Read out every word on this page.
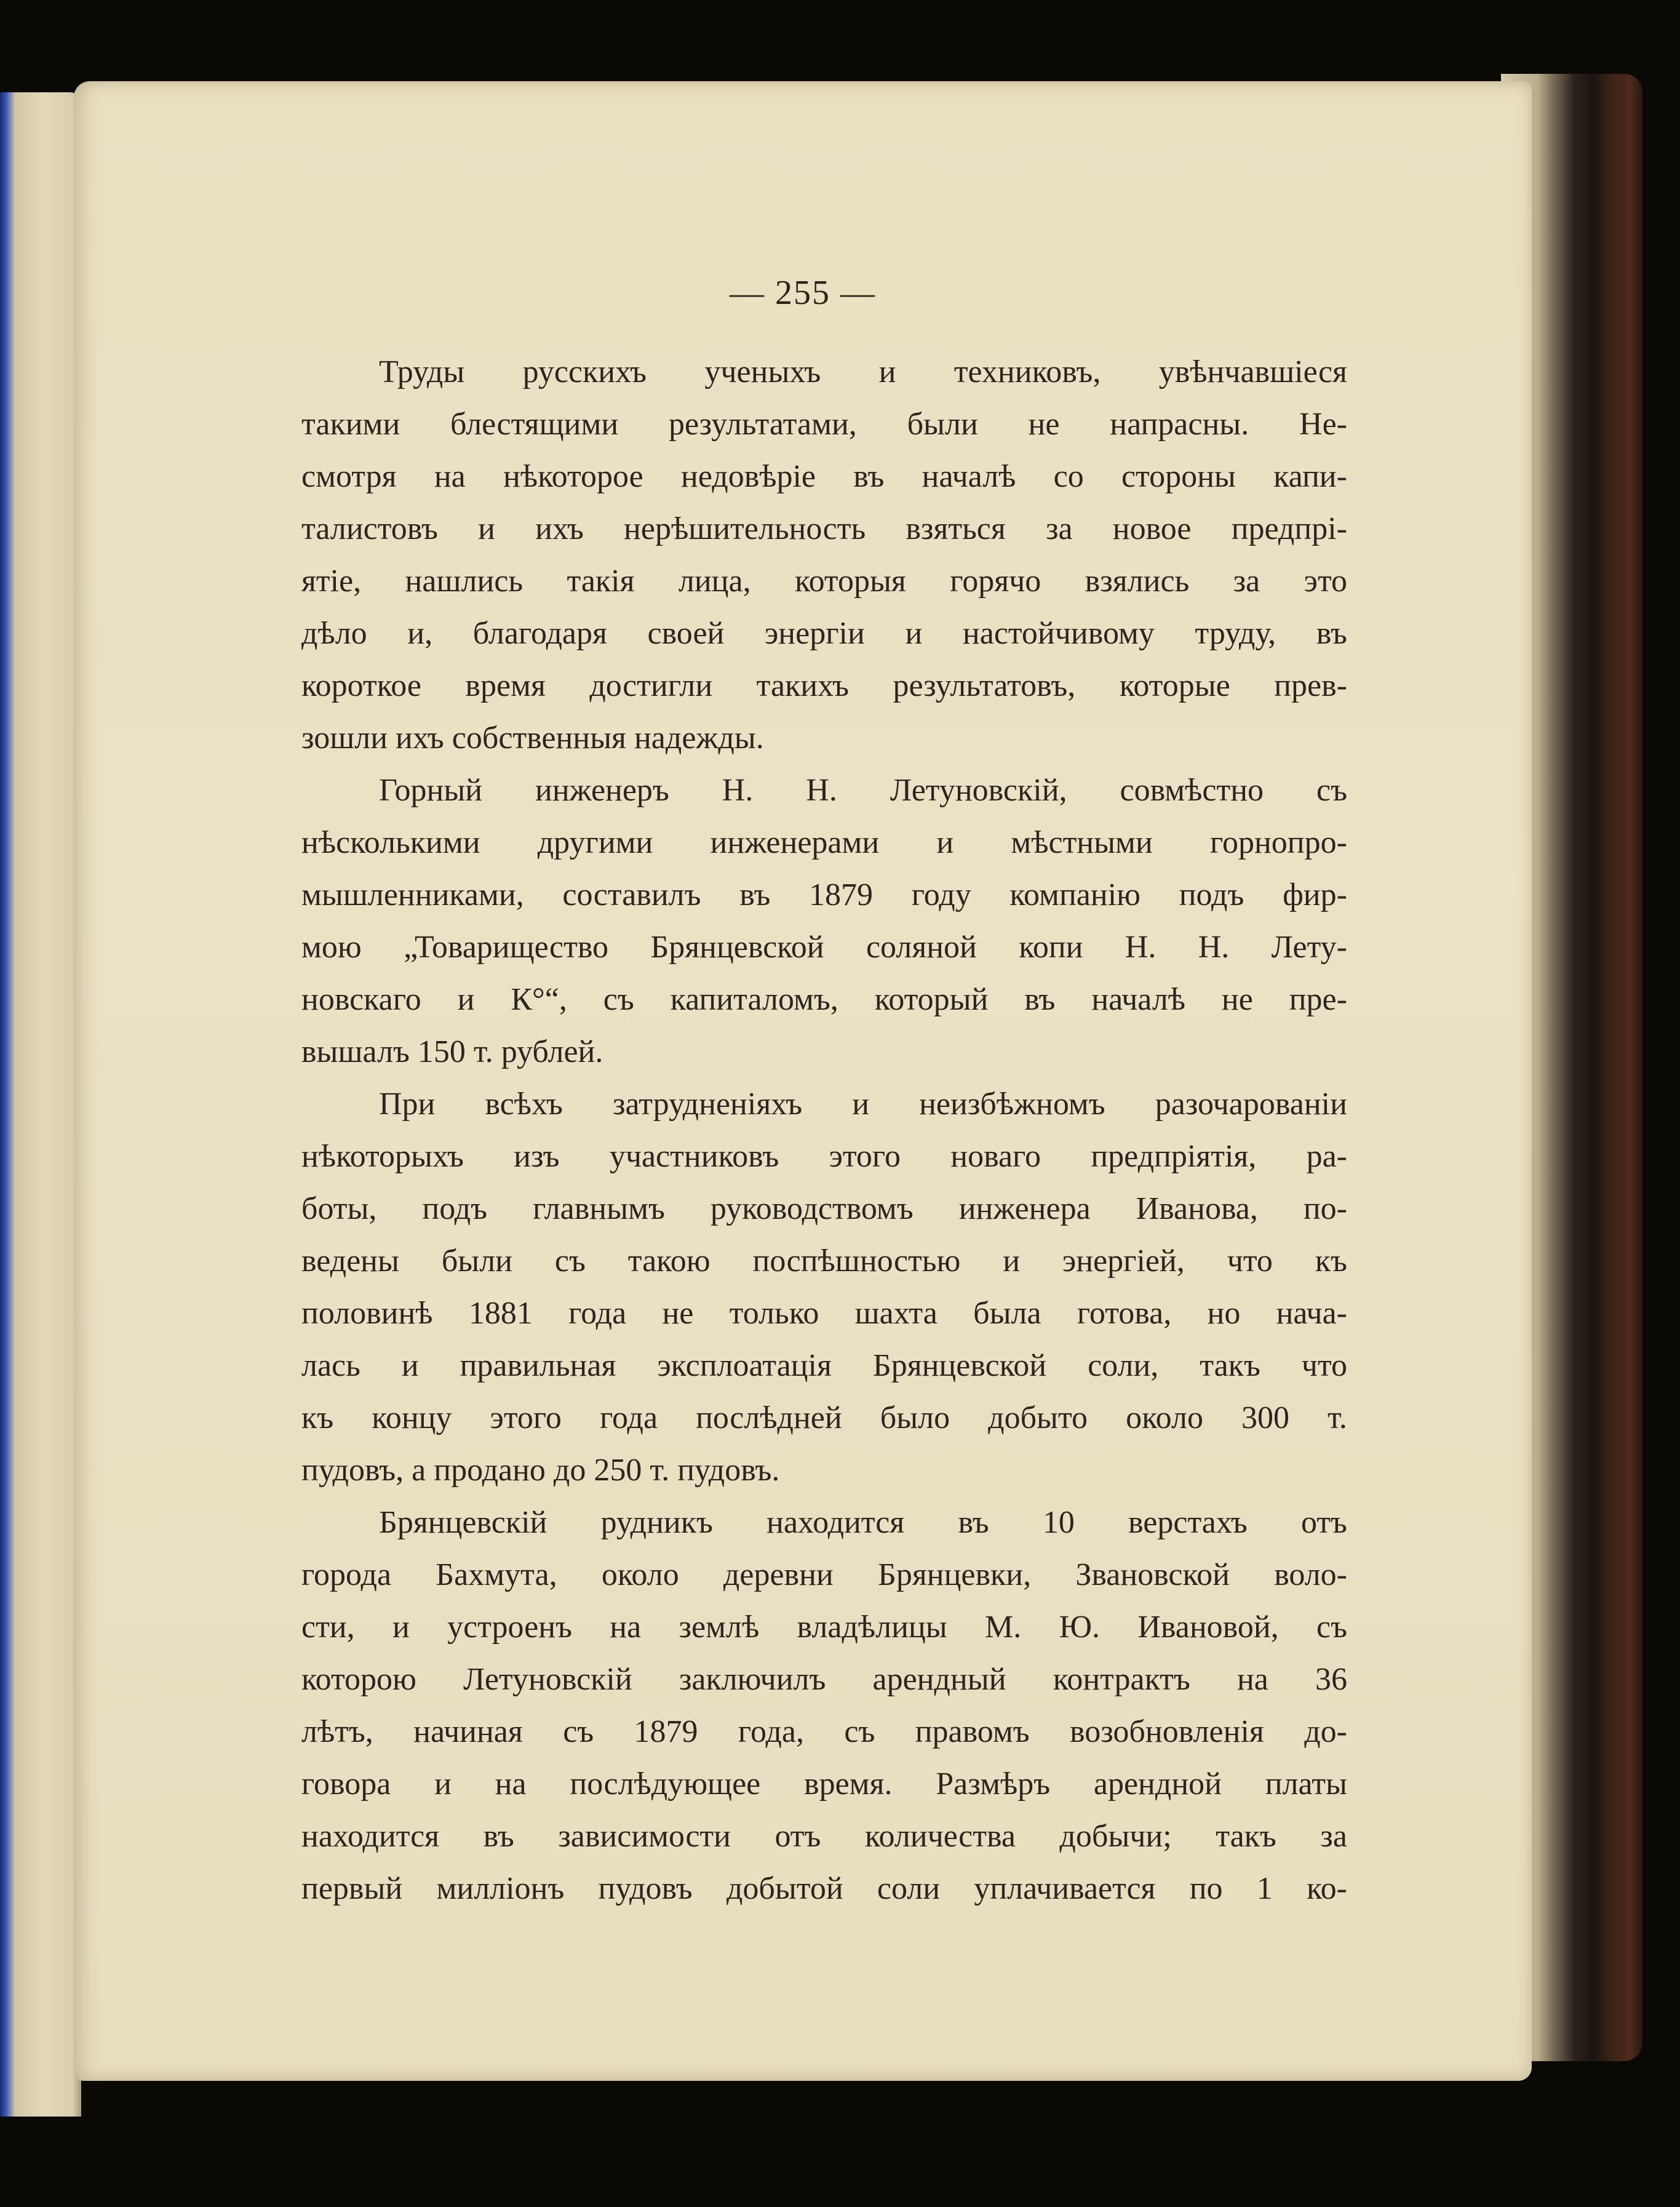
— 255 —
Труды русскихъ ученыхъ и техниковъ, увѣнчавшіеся
такими блестящими результатами, были не напрасны. Не-
смотря на нѣкоторое недовѣріе въ началѣ со стороны капи-
талистовъ и ихъ нерѣшительность взяться за новое предпрі-
ятіе, нашлись такія лица, которыя горячо взялись за это
дѣло и, благодаря своей энергіи и настойчивому труду, въ
короткое время достигли такихъ результатовъ, которые прев-
зошли ихъ собственныя надежды.
Горный инженеръ Н. Н. Летуновскій, совмѣстно съ
нѣсколькими другими инженерами и мѣстными горнопро-
мышленниками, составилъ въ 1879 году компанію подъ фир-
мою „Товарищество Брянцевской соляной копи Н. Н. Лету-
новскаго и К°“, съ капиталомъ, который въ началѣ не пре-
вышалъ 150 т. рублей.
При всѣхъ затрудненіяхъ и неизбѣжномъ разочарованіи
нѣкоторыхъ изъ участниковъ этого новаго предпріятія, ра-
боты, подъ главнымъ руководствомъ инженера Иванова, по-
ведены были съ такою поспѣшностью и энергіей, что къ
половинѣ 1881 года не только шахта была готова, но нача-
лась и правильная эксплоатація Брянцевской соли, такъ что
къ концу этого года послѣдней было добыто около 300 т.
пудовъ, а продано до 250 т. пудовъ.
Брянцевскій рудникъ находится въ 10 верстахъ отъ
города Бахмута, около деревни Брянцевки, Звановской воло-
сти, и устроенъ на землѣ владѣлицы М. Ю. Ивановой, съ
которою Летуновскій заключилъ арендный контрактъ на 36
лѣтъ, начиная съ 1879 года, съ правомъ возобновленія до-
говора и на послѣдующее время. Размѣръ арендной платы
находится въ зависимости отъ количества добычи; такъ за
первый милліонъ пудовъ добытой соли уплачивается по 1 ко-
